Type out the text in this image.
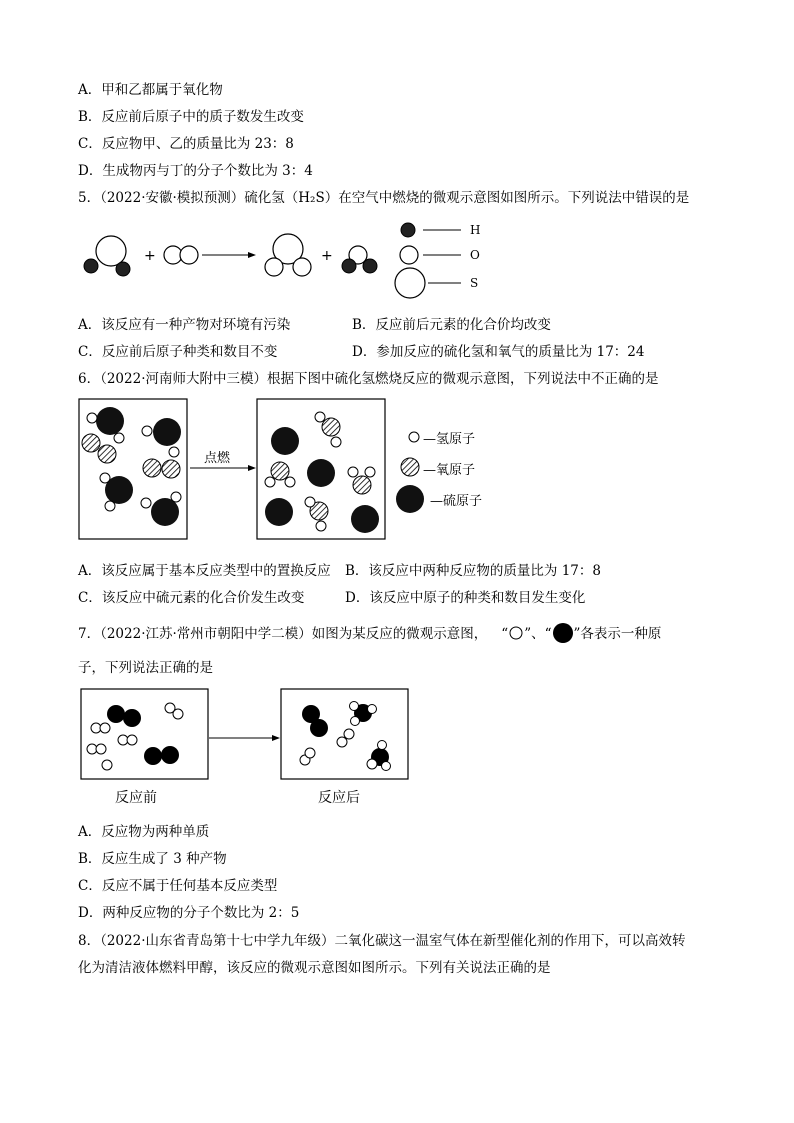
A．甲和乙都属于氧化物
B．反应前后原子中的质子数发生改变
C．反应物甲、乙的质量比为 23：8
D．生成物丙与丁的分子个数比为 3：4
5．（2022·安徽·模拟预测）硫化氢（H₂S）在空气中燃烧的微观示意图如图所示。下列说法中错误的是
+	+
H
O
S
A．该反应有一种产物对环境有污染	B．反应前后元素的化合价均改变
C．反应前后原子种类和数目不变	D．参加反应的硫化氢和氧气的质量比为 17：24
6．（2022·河南师大附中三模）根据下图中硫化氢燃烧反应的微观示意图，下列说法中不正确的是
点燃
—氢原子
—氧原子
—硫原子
A．该反应属于基本反应类型中的置换反应 B．该反应中两种反应物的质量比为 17：8
C．该反应中硫元素的化合价发生改变	D．该反应中原子的种类和数目发生变化
7．（2022·江苏·常州市朝阳中学二模）如图为某反应的微观示意图， “ ”、“ ”各表示一种原
子，下列说法正确的是
反应前	反应后
A．反应物为两种单质
B．反应生成了 3 种产物
C．反应不属于任何基本反应类型
D．两种反应物的分子个数比为 2：5
8．（2022·山东省青岛第十七中学九年级）二氧化碳这一温室气体在新型催化剂的作用下，可以高效转
化为清洁液体燃料甲醇，该反应的微观示意图如图所示。下列有关说法正确的是
